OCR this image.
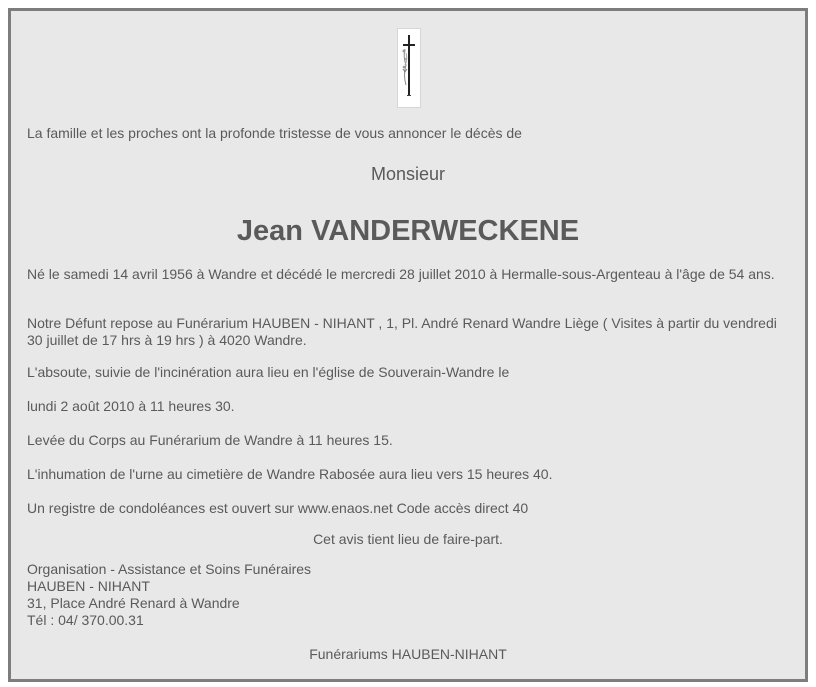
La famille et les proches ont la profonde tristesse de vous annoncer le décès de
Monsieur
Jean VANDERWECKENE
Né le samedi 14 avril 1956 à Wandre et décédé le mercredi 28 juillet 2010 à Hermalle-sous-Argenteau à l'âge de 54 ans.
Notre Défunt repose au Funérarium HAUBEN - NIHANT , 1, Pl. André Renard Wandre Liège ( Visites à partir du vendredi 30 juillet de 17 hrs à 19 hrs ) à 4020 Wandre.
L'absoute, suivie de l'incinération aura lieu en l'église de Souverain-Wandre le
lundi 2 août 2010 à 11 heures 30.
Levée du Corps au Funérarium de Wandre à 11 heures 15.
L'inhumation de l'urne au cimetière de Wandre Rabosée aura lieu vers 15 heures 40.
Un registre de condoléances est ouvert sur www.enaos.net Code accès direct 40
Cet avis tient lieu de faire-part.
Organisation - Assistance et Soins Funéraires
HAUBEN - NIHANT
31, Place André Renard à Wandre
Tél : 04/ 370.00.31
Funérariums HAUBEN-NIHANT
